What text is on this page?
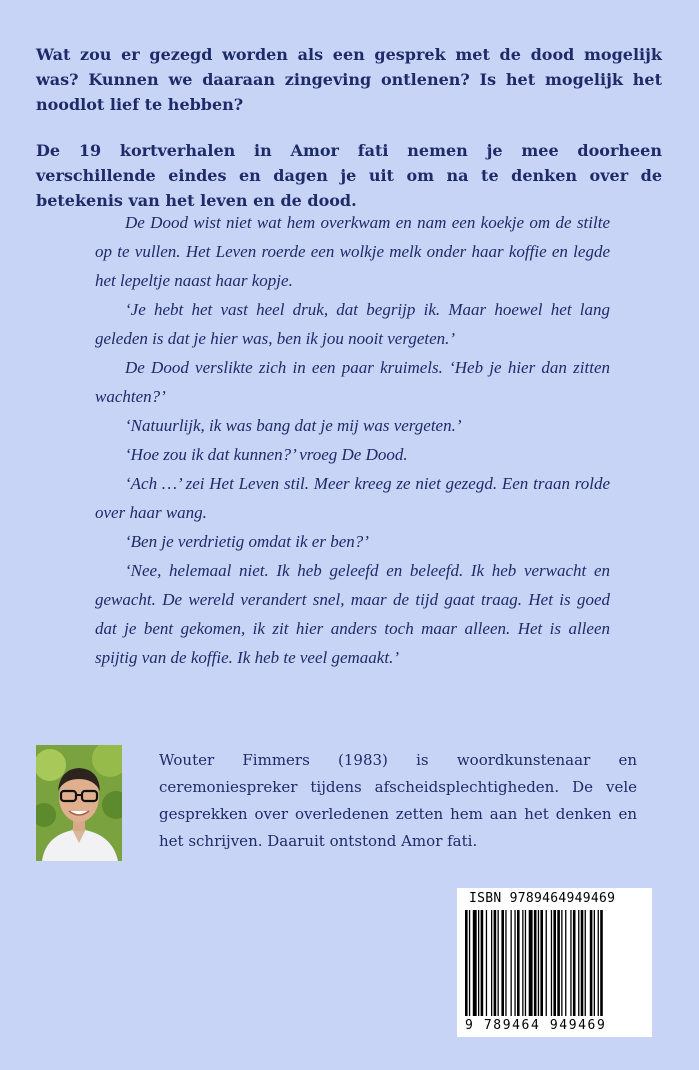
Wat zou er gezegd worden als een gesprek met de dood mogelijk was? Kunnen we daaraan zingeving ontlenen? Is het mogelijk het noodlot lief te hebben?

De 19 kortverhalen in Amor fati nemen je mee doorheen verschillende eindes en dagen je uit om na te denken over de betekenis van het leven en de dood.

De Dood wist niet wat hem overkwam en nam een koekje om de stilte op te vullen. Het Leven roerde een wolkje melk onder haar koffie en legde het lepeltje naast haar kopje.

‘Je hebt het vast heel druk, dat begrijp ik. Maar hoewel het lang geleden is dat je hier was, ben ik jou nooit vergeten.’

De Dood verslikte zich in een paar kruimels. ‘Heb je hier dan zitten wachten?’

‘Natuurlijk, ik was bang dat je mij was vergeten.’

‘Hoe zou ik dat kunnen?’ vroeg De Dood.

‘Ach …’ zei Het Leven stil. Meer kreeg ze niet gezegd. Een traan rolde over haar wang.

‘Ben je verdrietig omdat ik er ben?’

‘Nee, helemaal niet. Ik heb geleefd en beleefd. Ik heb verwacht en gewacht. De wereld verandert snel, maar de tijd gaat traag. Het is goed dat je bent gekomen, ik zit hier anders toch maar alleen. Het is alleen spijtig van de koffie. Ik heb te veel gemaakt.’

Wouter Fimmers (1983) is woordkunstenaar en ceremoniespreker tijdens afscheidsplechtigheden. De vele gesprekken over overledenen zetten hem aan het denken en het schrijven. Daaruit ontstond Amor fati.

ISBN 9789464949469
9 789464 949469
